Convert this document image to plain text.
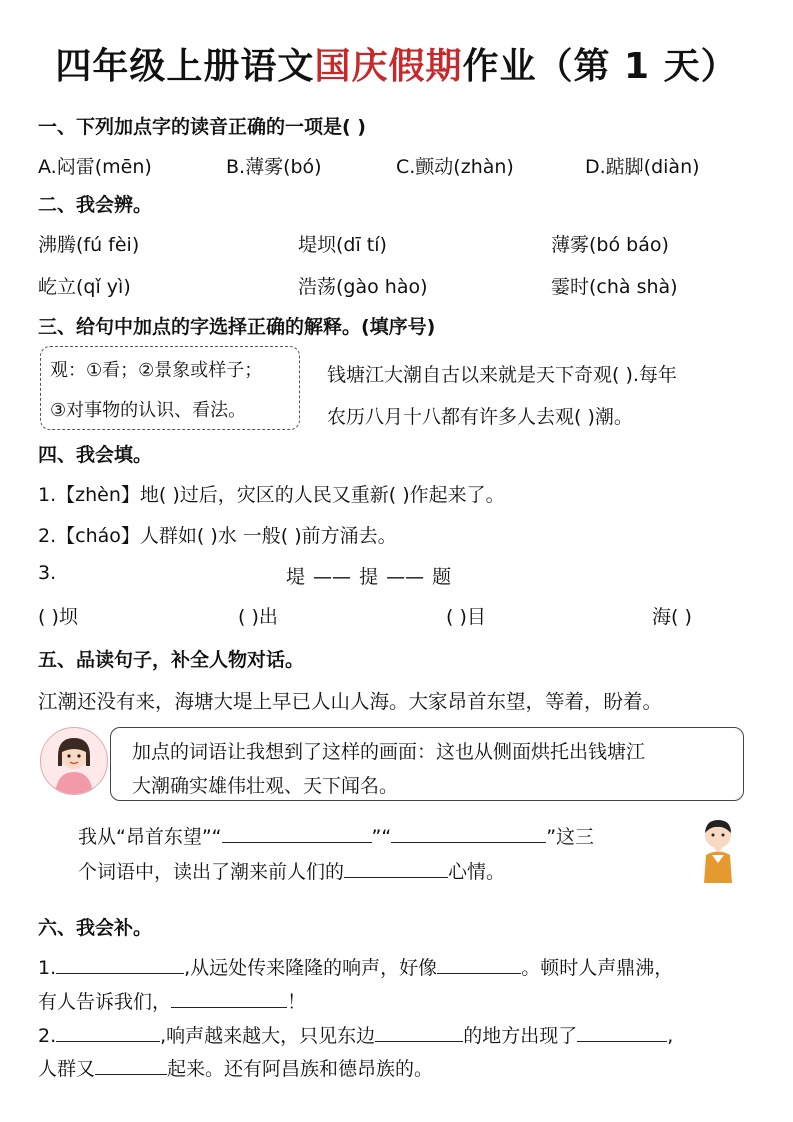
四年级上册语文国庆假期作业（第 1 天）
一、下列加点字的读音正确的一项是( )
A.闷雷(mēn)	B.薄雾(bó)	C.颤动(zhàn)	D.踮脚(diàn)
二、我会辨。
沸腾(fú fèi)	堤坝(dī tí)	薄雾(bó báo)
屹立(qǐ yì)	浩荡(gào hào)	霎时(chà shà)
三、给句中加点的字选择正确的解释。(填序号)
观：①看；②景象或样子；
③对事物的认识、看法。
钱塘江大潮自古以来就是天下奇观( ).每年
农历八月十八都有许多人去观( )潮。
四、我会填。
1.【zhèn】地( )过后，灾区的人民又重新( )作起来了。
2.【cháo】人群如( )水 一般( )前方涌去。
3.	堤 —— 提 —— 题
( )坝	( )出	( )目	海( )
五、品读句子，补全人物对话。
江潮还没有来，海塘大堤上早已人山人海。大家昂首东望，等着，盼着。
加点的词语让我想到了这样的画面：这也从侧面烘托出钱塘江
大潮确实雄伟壮观、天下闻名。
我从“昂首东望”“	”“	”这三
个词语中，读出了潮来前人们的	心情。
六、我会补。
1.	,从远处传来隆隆的响声，好像	。顿时人声鼎沸，
有人告诉我们，	！
2.	,响声越来越大，只见东边	的地方出现了	,
人群又	起来。还有阿昌族和德昂族的。
